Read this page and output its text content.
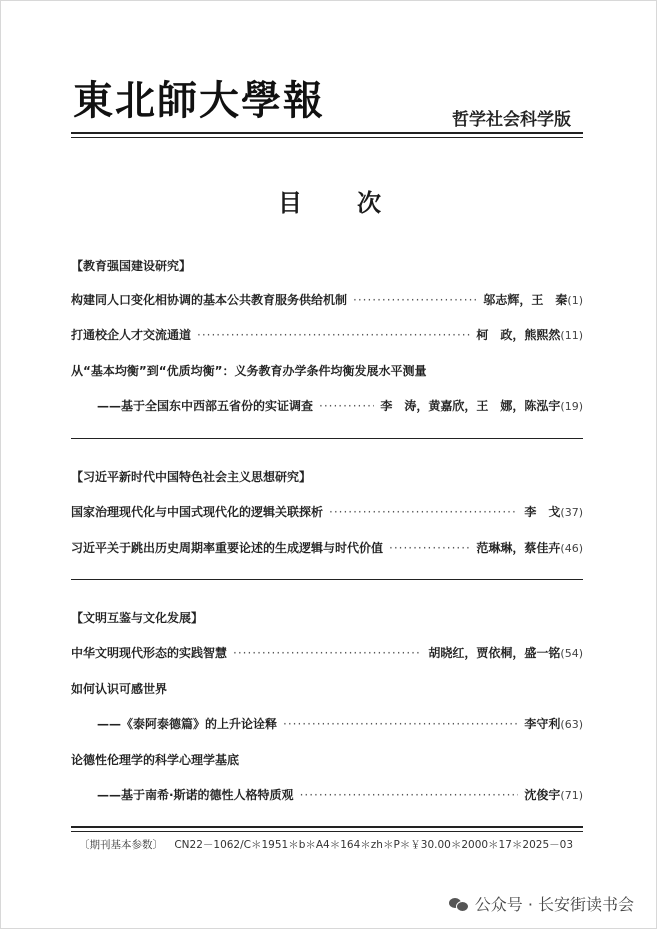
東北師大學報	哲学社会科学版
目次
【教育强国建设研究】
构建同人口变化相协调的基本公共教育服务供给机制 ·····	邬志辉，王　秦 (1)
打通校企人才交流通道 ·····	柯　政，熊熙然 (11)
从“基本均衡”到“优质均衡”：义务教育办学条件均衡发展水平测量
——基于全国东中西部五省份的实证调查 ·····	李　涛，黄嘉欣，王　娜，陈泓宇 (19)
【习近平新时代中国特色社会主义思想研究】
国家治理现代化与中国式现代化的逻辑关联探析 ·····	李　戈 (37)
习近平关于跳出历史周期率重要论述的生成逻辑与时代价值 ·····	范琳琳，蔡佳卉 (46)
【文明互鉴与文化发展】
中华文明现代形态的实践智慧 ·····	胡晓红，贾依桐，盛一铭 (54)
如何认识可感世界
——《泰阿泰德篇》的上升论诠释 ·····	李守利 (63)
论德性伦理学的科学心理学基底
——基于南希·斯诺的德性人格特质观 ·····	沈俊宇 (71)
〔期刊基本参数〕 CN22－1062/C＊1951＊b＊A4＊164＊zh＊P＊￥30.00＊2000＊17＊2025－03
公众号 · 长安街读书会
